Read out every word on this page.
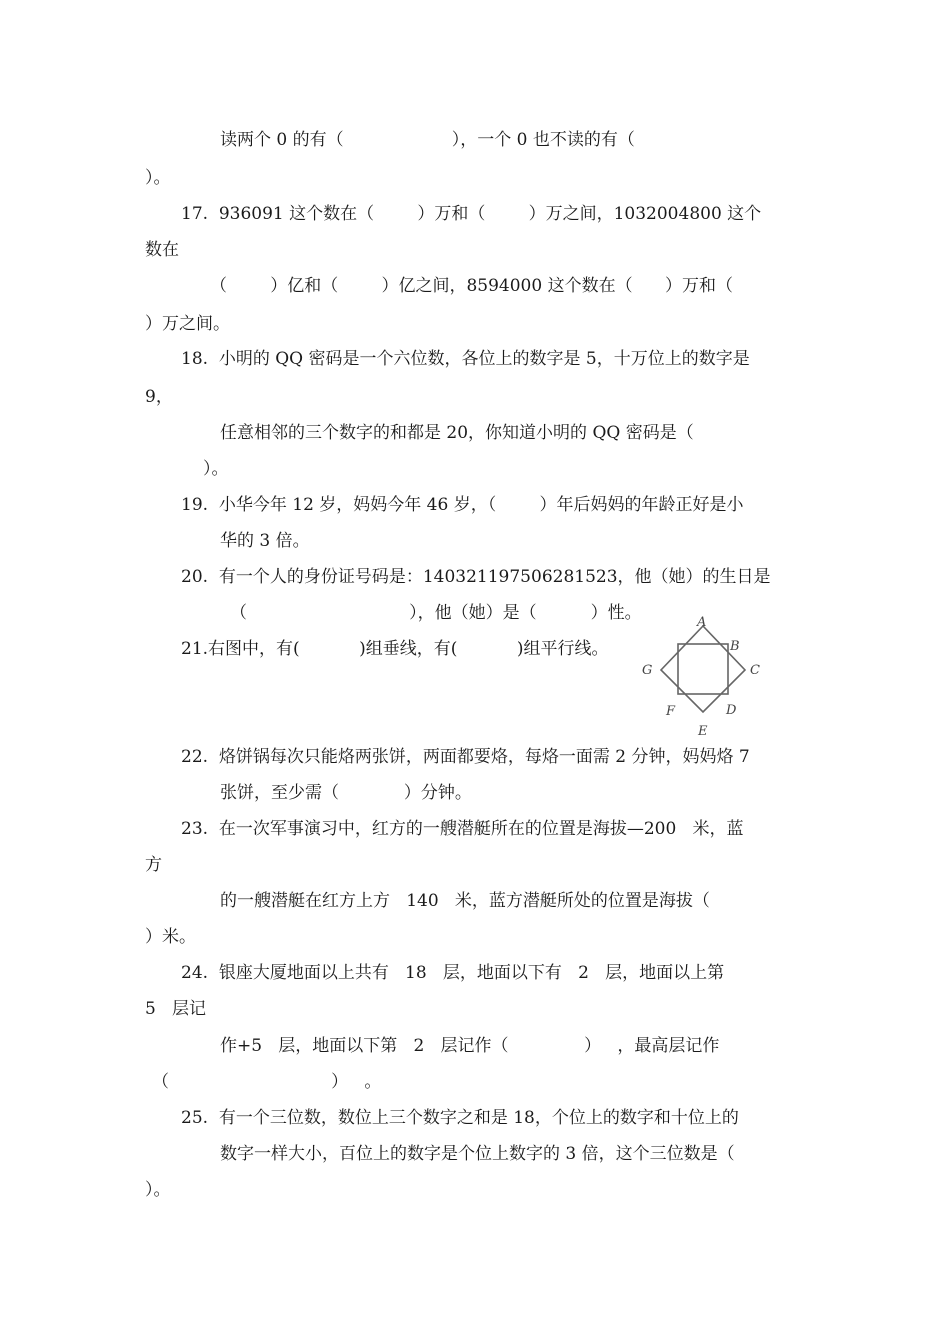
读两个 0 的有（                    ），一个 0 也不读的有（
）。
17.  936091 这个数在（        ）万和（        ）万之间，1032004800 这个
数在
（        ）亿和（        ）亿之间，8594000 这个数在（      ）万和（
）万之间。
18.  小明的 QQ 密码是一个六位数，各位上的数字是 5，十万位上的数字是
9，
任意相邻的三个数字的和都是 20，你知道小明的 QQ 密码是（
）。
19.  小华今年 12 岁，妈妈今年 46 岁，（        ）年后妈妈的年龄正好是小
华的 3 倍。
20.  有一个人的身份证号码是：140321197506281523，他（她）的生日是
（                              ），他（她）是（          ）性。
21.右图中，有(           )组垂线，有(           )组平行线。
A
B
C
D
E
F
G
22.  烙饼锅每次只能烙两张饼，两面都要烙，每烙一面需 2 分钟，妈妈烙 7
张饼，至少需（            ）分钟。
23.  在一次军事演习中，红方的一艘潜艇所在的位置是海拔—200   米，蓝
方
的一艘潜艇在红方上方   140   米，蓝方潜艇所处的位置是海拔（
）米。
24.  银座大厦地面以上共有   18   层，地面以下有   2   层，地面以上第
5   层记
作+5   层，地面以下第   2   层记作（              ）   ，最高层记作
（                              ）   。
25.  有一个三位数，数位上三个数字之和是 18，个位上的数字和十位上的
数字一样大小，百位上的数字是个位上数字的 3 倍，这个三位数是（
）。
